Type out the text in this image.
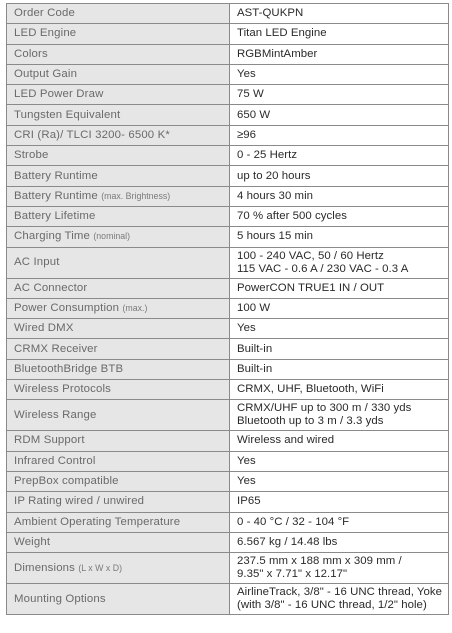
Order Code	AST-QUKPN

LED Engine	Titan LED Engine

Colors	RGBMintAmber

Output Gain	Yes

LED Power Draw	75 W

Tungsten Equivalent	650 W

CRI (Ra)/ TLCI 3200- 6500 K*	≥96

Strobe	0 - 25 Hertz

Battery Runtime	up to 20 hours

Battery Runtime (max. Brightness)	4 hours 30 min

Battery Lifetime	70 % after 500 cycles

Charging Time (nominal)	5 hours 15 min

AC Input	100 - 240 VAC, 50 / 60 Hertz
115 VAC - 0.6 A / 230 VAC - 0.3 A

AC Connector	PowerCON TRUE1 IN / OUT

Power Consumption (max.)	100 W

Wired DMX	Yes

CRMX Receiver	Built-in

BluetoothBridge BTB	Built-in

Wireless Protocols	CRMX, UHF, Bluetooth, WiFi

Wireless Range	CRMX/UHF up to 300 m / 330 yds
Bluetooth up to 3 m / 3.3 yds

RDM Support	Wireless and wired

Infrared Control	Yes

PrepBox compatible	Yes

IP Rating wired / unwired	IP65

Ambient Operating Temperature	0 - 40 °C / 32 - 104 °F

Weight	6.567 kg / 14.48 lbs

Dimensions (L x W x D)	237.5 mm x 188 mm x 309 mm /
9.35" x 7.71" x 12.17"

Mounting Options	AirlineTrack, 3/8" - 16 UNC thread, Yoke
(with 3/8" - 16 UNC thread, 1/2" hole)
